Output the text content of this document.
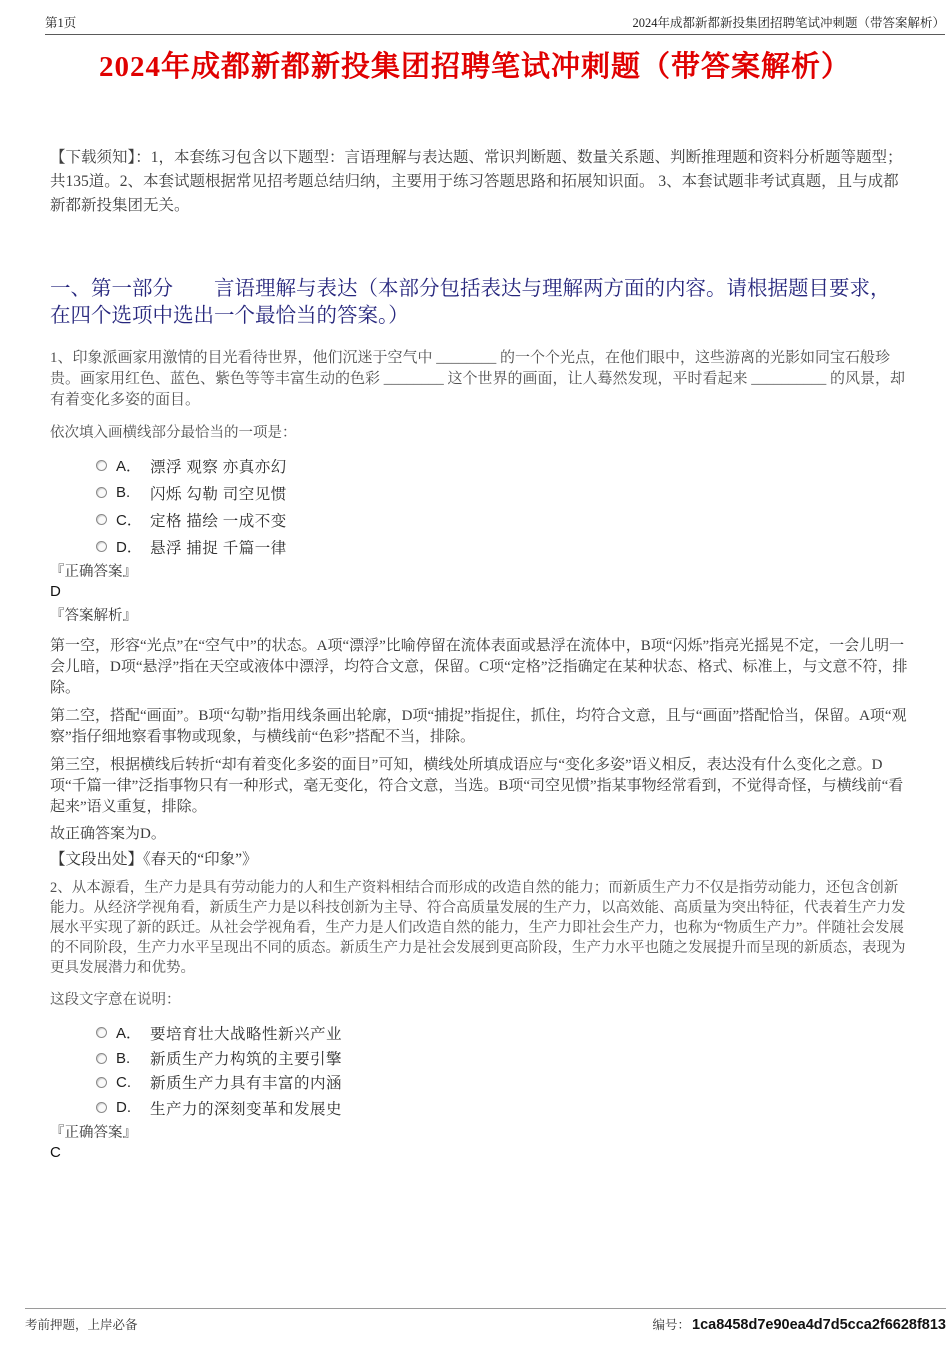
第1页	2024年成都新都新投集团招聘笔试冲刺题（带答案解析）
2024年成都新都新投集团招聘笔试冲刺题（带答案解析）
【下载须知】：1，本套练习包含以下题型：言语理解与表达题、常识判断题、数量关系题、判断推理题和资料分析题等题型；共135道。2、本套试题根据常见招考题总结归纳，主要用于练习答题思路和拓展知识面。 3、本套试题非考试真题，且与成都新都新投集团无关。
一、第一部分　　言语理解与表达（本部分包括表达与理解两方面的内容。请根据题目要求，在四个选项中选出一个最恰当的答案。）
1、印象派画家用激情的目光看待世界，他们沉迷于空气中 ________ 的一个个光点，在他们眼中，这些游离的光影如同宝石般珍贵。画家用红色、蓝色、紫色等等丰富生动的色彩 ________ 这个世界的画面，让人蓦然发现，平时看起来 __________ 的风景，却有着变化多姿的面目。
依次填入画横线部分最恰当的一项是：
A． 漂浮 观察 亦真亦幻
B.	闪烁 勾勒 司空见惯
C． 定格 描绘 一成不变
D． 悬浮 捕捉 千篇一律
『正确答案』
D
『答案解析』
第一空，形容“光点”在“空气中”的状态。A项“漂浮”比喻停留在流体表面或悬浮在流体中，B项“闪烁”指亮光摇晃不定，一会儿明一会儿暗，D项“悬浮”指在天空或液体中漂浮，均符合文意，保留。C项“定格”泛指确定在某种状态、格式、标准上，与文意不符，排除。
第二空，搭配“画面”。B项“勾勒”指用线条画出轮廓，D项“捕捉”指捉住，抓住，均符合文意，且与“画面”搭配恰当，保留。A项“观察”指仔细地察看事物或现象，与横线前“色彩”搭配不当，排除。
第三空，根据横线后转折“却有着变化多姿的面目”可知，横线处所填成语应与“变化多姿”语义相反，表达没有什么变化之意。D项“千篇一律”泛指事物只有一种形式，毫无变化，符合文意，当选。B项“司空见惯”指某事物经常看到，不觉得奇怪，与横线前“看起来”语义重复，排除。
故正确答案为D。
【文段出处】《春天的“印象”》
2、从本源看，生产力是具有劳动能力的人和生产资料相结合而形成的改造自然的能力；而新质生产力不仅是指劳动能力，还包含创新能力。从经济学视角看，新质生产力是以科技创新为主导、符合高质量发展的生产力，以高效能、高质量为突出特征，代表着生产力发展水平实现了新的跃迁。从社会学视角看，生产力是人们改造自然的能力，生产力即社会生产力，也称为“物质生产力”。伴随社会发展的不同阶段，生产力水平呈现出不同的质态。新质生产力是社会发展到更高阶段，生产力水平也随之发展提升而呈现的新质态，表现为更具发展潜力和优势。
这段文字意在说明：
A． 要培育壮大战略性新兴产业
B.	新质生产力构筑的主要引擎
C.	新质生产力具有丰富的内涵
D.	生产力的深刻变革和发展史
『正确答案』
C
考前押题，上岸必备	编号： 1ca8458d7e90ea4d7d5cca2f6628f813
